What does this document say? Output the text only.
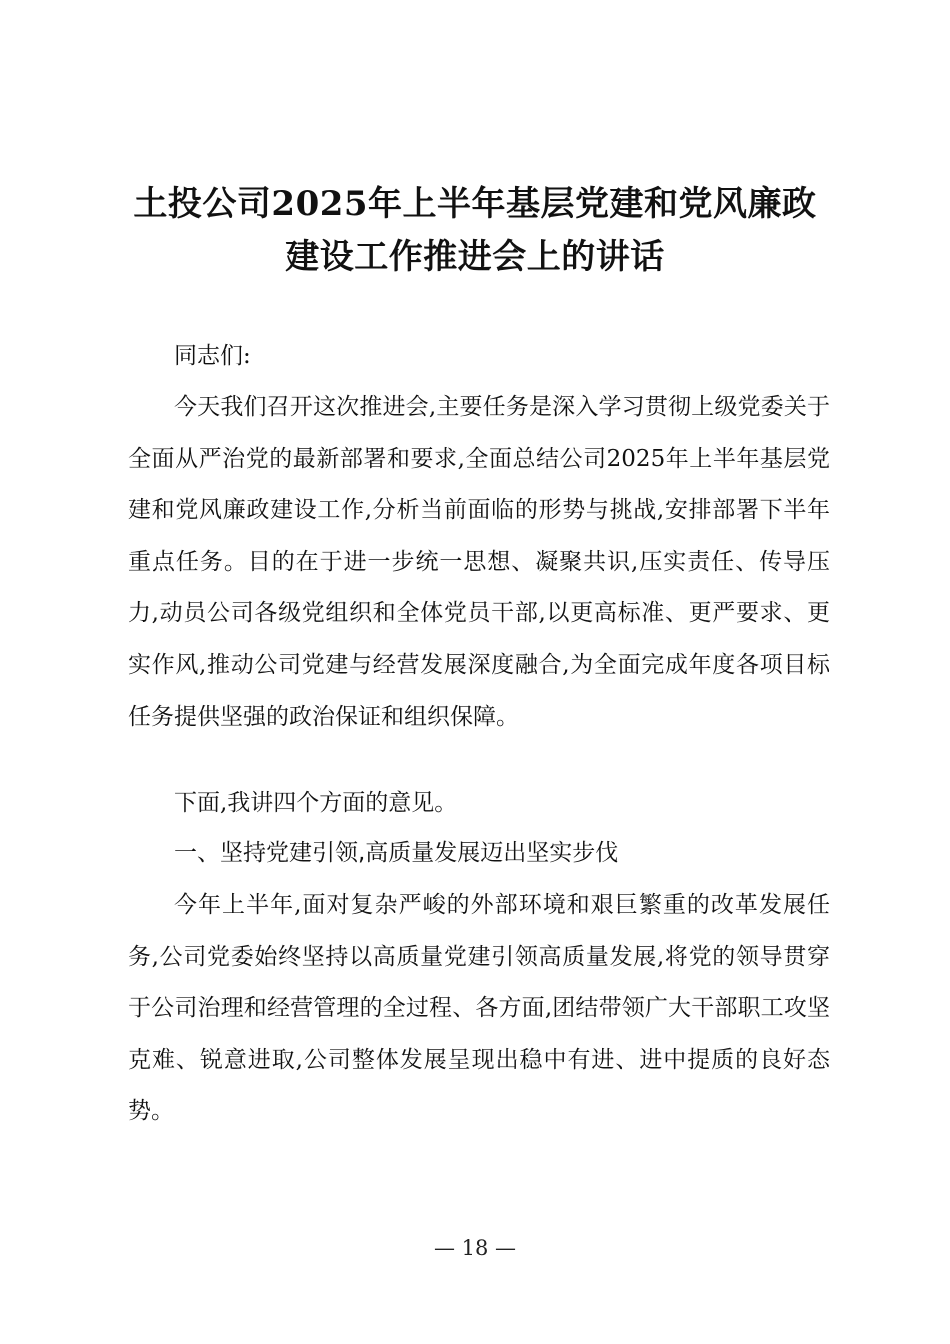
土投公司2025年上半年基层党建和党风廉政
建设工作推进会上的讲话

同志们:

今天我们召开这次推进会,主要任务是深入学习贯彻上级党委关于全面从严治党的最新部署和要求,全面总结公司2025年上半年基层党建和党风廉政建设工作,分析当前面临的形势与挑战,安排部署下半年重点任务。目的在于进一步统一思想、凝聚共识,压实责任、传导压力,动员公司各级党组织和全体党员干部,以更高标准、更严要求、更实作风,推动公司党建与经营发展深度融合,为全面完成年度各项目标任务提供坚强的政治保证和组织保障。

下面,我讲四个方面的意见。

一、坚持党建引领,高质量发展迈出坚实步伐

今年上半年,面对复杂严峻的外部环境和艰巨繁重的改革发展任务,公司党委始终坚持以高质量党建引领高质量发展,将党的领导贯穿于公司治理和经营管理的全过程、各方面,团结带领广大干部职工攻坚克难、锐意进取,公司整体发展呈现出稳中有进、进中提质的良好态势。

— 18 —
